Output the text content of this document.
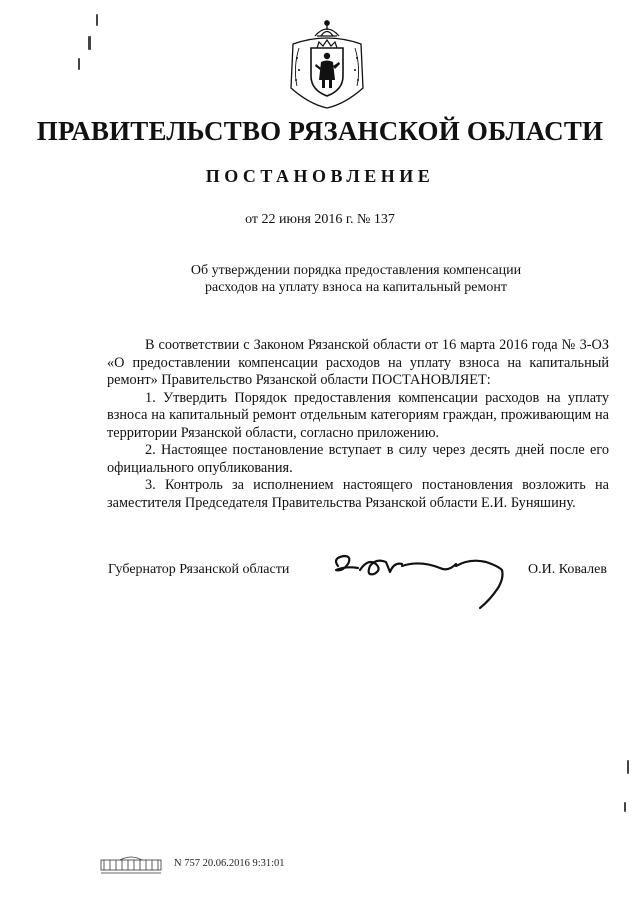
ПРАВИТЕЛЬСТВО РЯЗАНСКОЙ ОБЛАСТИ
ПОСТАНОВЛЕНИЕ
от 22 июня 2016 г. № 137
Об утверждении порядка предоставления компенсации
расходов на уплату взноса на капитальный ремонт

В соответствии с Законом Рязанской области от 16 марта 2016 года № 3-ОЗ «О предоставлении компенсации расходов на уплату взноса на капитальный ремонт» Правительство Рязанской области ПОСТАНОВЛЯЕТ:

1. Утвердить Порядок предоставления компенсации расходов на уплату взноса на капитальный ремонт отдельным категориям граждан, проживающим на территории Рязанской области, согласно приложению.

2. Настоящее постановление вступает в силу через десять дней после его официального опубликования.

3. Контроль за исполнением настоящего постановления возложить на заместителя Председателя Правительства Рязанской области Е.И. Буняшину.

Губернатор Рязанской области	О.И. Ковалев
N 757 20.06.2016 9:31:01
